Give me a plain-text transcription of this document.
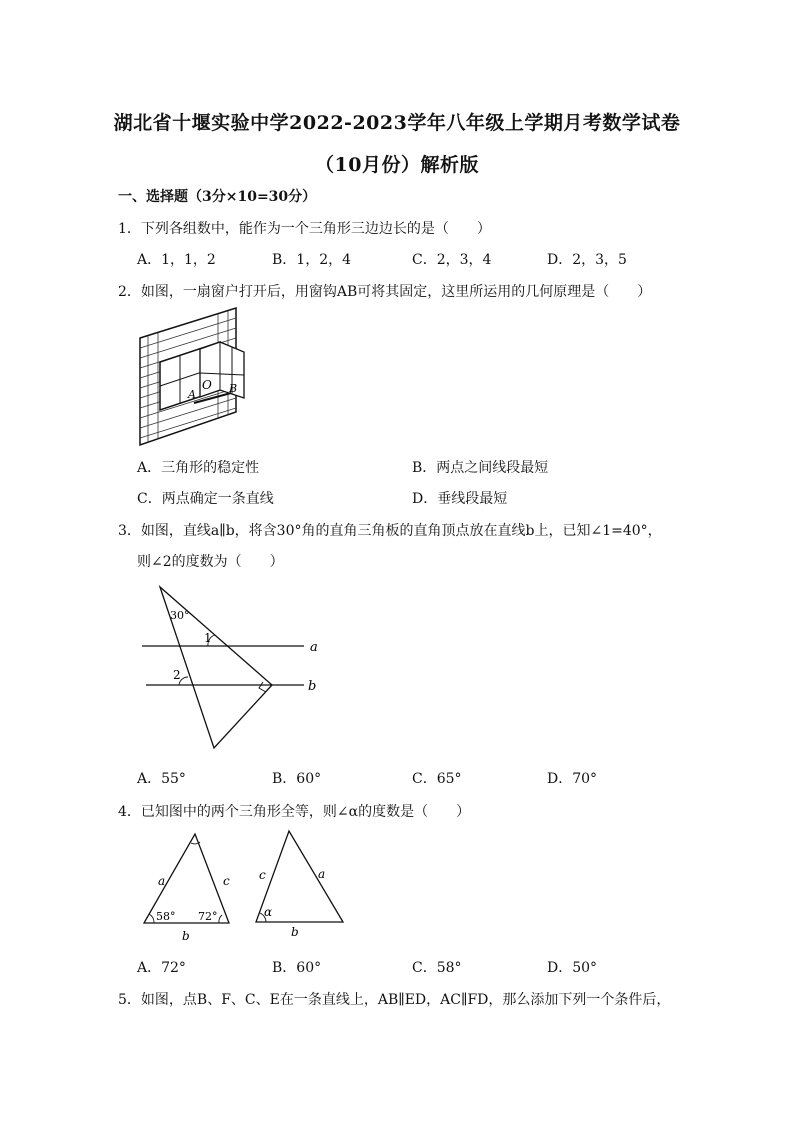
湖北省十堰实验中学2022-2023学年八年级上学期月考数学试卷
（10月份）解析版
一、选择题（3分×10=30分）
1．下列各组数中，能作为一个三角形三边边长的是（　　）
A．1，1，2	B．1，2，4	C．2，3，4	D．2，3，5
2．如图，一扇窗户打开后，用窗钩AB可将其固定，这里所运用的几何原理是（　　）
O
A	B
A．三角形的稳定性	B．两点之间线段最短
C．两点确定一条直线	D．垂线段最短
3．如图，直线a∥b，将含30°角的直角三角板的直角顶点放在直线b上，已知∠1=40°，
则∠2的度数为（　　）
30°
1
2
a
b
A．55°	B．60°	C．65°	D．70°
4．已知图中的两个三角形全等，则∠α的度数是（　　）
a	c
58° 72°
b
c	a
α
b
A．72°	B．60°	C．58°	D．50°
5．如图，点B、F、C、E在一条直线上，AB∥ED，AC∥FD，那么添加下列一个条件后，
